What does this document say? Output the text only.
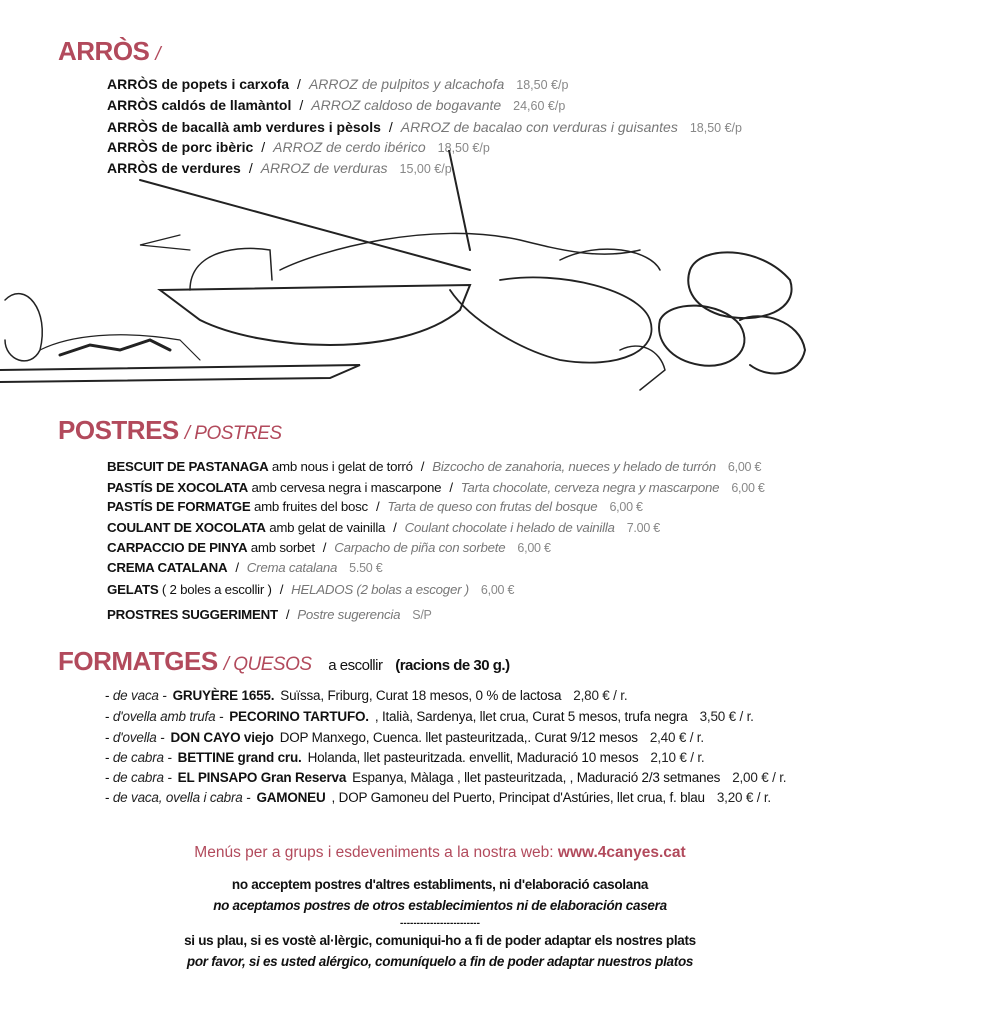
ARRÒS /
ARRÒS de popets i carxofa / ARROZ de pulpitos y alcachofa 18,50 €/p
ARRÒS caldós de llamàntol / ARROZ caldoso de bogavante 24,60 €/p
ARRÒS de bacallà amb verdures i pèsols / ARROZ de bacalao con verduras i guisantes 18,50 €/p
ARRÒS de porc ibèric / ARROZ de cerdo ibérico 18,50 €/p
ARRÒS de verdures / ARROZ de verduras 15,00 €/p
POSTRES / POSTRES
BESCUIT DE PASTANAGA amb nous i gelat de torró / Bizcocho de zanahoria, nueces y helado de turrón 6,00 €
PASTÍS DE XOCOLATA amb cervesa negra i mascarpone / Tarta chocolate, cerveza negra y mascarpone 6,00 €
PASTÍS DE FORMATGE amb fruites del bosc / Tarta de queso con frutas del bosque 6,00 €
COULANT DE XOCOLATA amb gelat de vainilla / Coulant chocolate i helado de vainilla 7.00 €
CARPACCIO DE PINYA amb sorbet / Carpacho de piña con sorbete 6,00 €
CREMA CATALANA / Crema catalana 5.50 €
GELATS ( 2 boles a escollir ) / HELADOS (2 bolas a escoger ) 6,00 €
PROSTRES SUGGERIMENT / Postre sugerencia S/P
FORMATGES / QUESOS a escollir (racions de 30 g.)
- de vaca - GRUYÈRE 1655. Suïssa, Friburg, Curat 18 mesos, 0 % de lactosa 2,80 € / r.
- d'ovella amb trufa - PECORINO TARTUFO. , Italià, Sardenya, llet crua, Curat 5 mesos, trufa negra 3,50 € / r.
- d'ovella - DON CAYO viejo DOP Manxego, Cuenca. llet pasteuritzada,. Curat 9/12 mesos 2,40 € / r.
- de cabra - BETTINE grand cru. Holanda, llet pasteuritzada. envellit, Maduració 10 mesos 2,10 € / r.
- de cabra - EL PINSAPO Gran Reserva Espanya, Màlaga , llet pasteuritzada, , Maduració 2/3 setmanes 2,00 € / r.
- de vaca, ovella i cabra - GAMONEU , DOP Gamoneu del Puerto, Principat d'Astúries, llet crua, f. blau 3,20 € / r.
Menús per a grups i esdeveniments a la nostra web: www.4canyes.cat
no acceptem postres d'altres establiments, ni d'elaboració casolana
no aceptamos postres de otros establecimientos ni de elaboración casera
------------------------
si us plau, si es vostè al·lèrgic, comuniqui-ho a fi de poder adaptar els nostres plats
por favor, si es usted alérgico, comuníquelo a fin de poder adaptar nuestros platos
